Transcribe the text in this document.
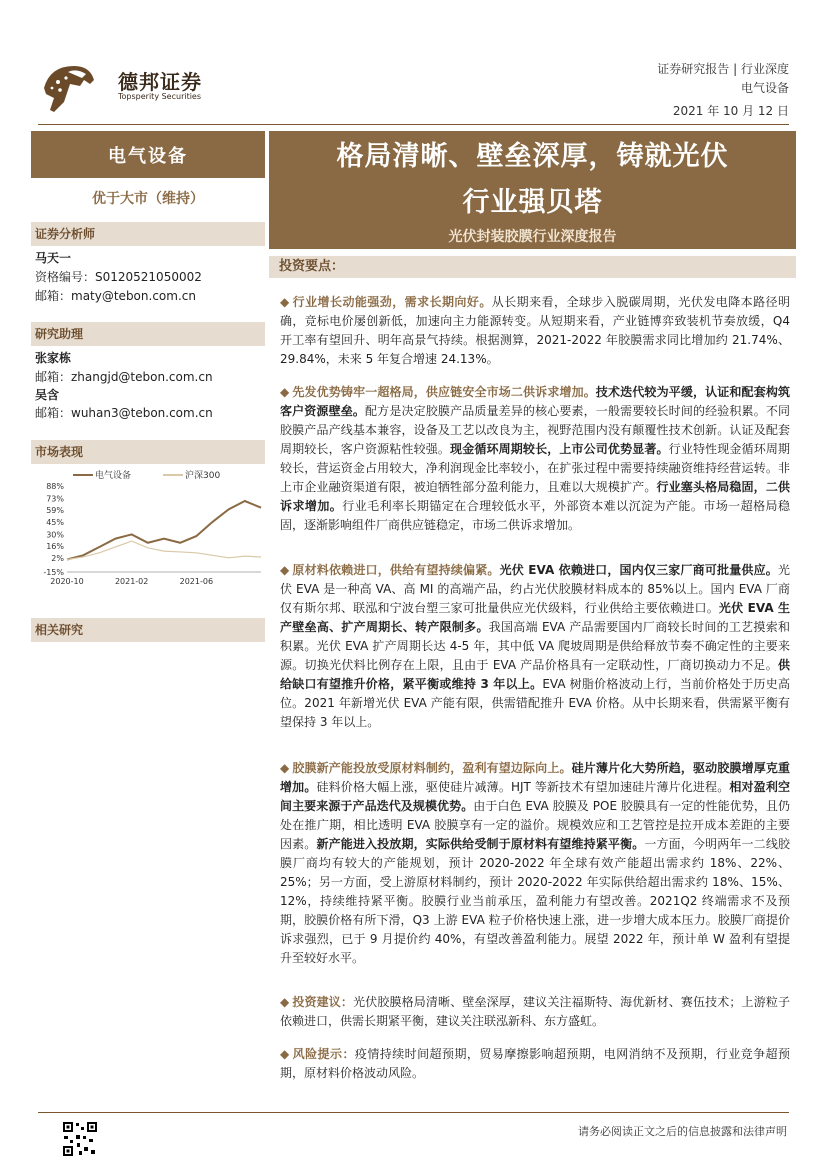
德邦证券
Topsperity Securities
证券研究报告 | 行业深度
电气设备
2021 年 10 月 12 日
电气设备
优于大市（维持）
证券分析师
马天一
资格编号：S0120521050002
邮箱：maty@tebon.com.cn
研究助理
张家栋
邮箱：zhangjd@tebon.com.cn
吴含
邮箱：wuhan3@tebon.com.cn
市场表现
电气设备	沪深300
88%
73%
59%
45%
30%
16%
2%
-15%
2020-10	2021-02	2021-06
相关研究
格局清晰、壁垒深厚，铸就光伏
行业强贝塔
光伏封装胶膜行业深度报告
投资要点：
◆ 行业增长动能强劲，需求长期向好。从长期来看，全球步入脱碳周期，光伏发电降本路径明确，竞标电价屡创新低，加速向主力能源转变。从短期来看，产业链博弈致装机节奏放缓，Q4 开工率有望回升、明年高景气持续。根据测算，2021-2022 年胶膜需求同比增加约 21.74%、29.84%，未来 5 年复合增速 24.13%。
◆ 先发优势铸牢一超格局，供应链安全市场二供诉求增加。技术迭代较为平缓，认证和配套构筑客户资源壁垒。配方是决定胶膜产品质量差异的核心要素，一般需要较长时间的经验积累。不同胶膜产品产线基本兼容，设备及工艺以改良为主，视野范围内没有颠覆性技术创新。认证及配套周期较长，客户资源粘性较强。现金循环周期较长，上市公司优势显著。行业特性现金循环周期较长，营运资金占用较大，净利润现金比率较小，在扩张过程中需要持续融资维持经营运转。非上市企业融资渠道有限，被迫牺牲部分盈利能力，且难以大规模扩产。行业塞头格局稳固，二供诉求增加。行业毛利率长期锚定在合理较低水平，外部资本难以沉淀为产能。市场一超格局稳固，逐渐影响组件厂商供应链稳定，市场二供诉求增加。
◆ 原材料依赖进口，供给有望持续偏紧。光伏 EVA 依赖进口，国内仅三家厂商可批量供应。光伏 EVA 是一种高 VA、高 MI 的高端产品，约占光伏胶膜材料成本的 85%以上。国内 EVA 厂商仅有斯尔邦、联泓和宁波台塑三家可批量供应光伏级料，行业供给主要依赖进口。光伏 EVA 生产壁垒高、扩产周期长、转产限制多。我国高端 EVA 产品需要国内厂商较长时间的工艺摸索和积累。光伏 EVA 扩产周期长达 4-5 年，其中低 VA 爬坡周期是供给释放节奏不确定性的主要来源。切换光伏料比例存在上限，且由于 EVA 产品价格具有一定联动性，厂商切换动力不足。供给缺口有望推升价格，紧平衡或维持 3 年以上。EVA 树脂价格波动上行，当前价格处于历史高位。2021 年新增光伏 EVA 产能有限，供需错配推升 EVA 价格。从中长期来看，供需紧平衡有望保持 3 年以上。
◆ 胶膜新产能投放受原材料制约，盈利有望边际向上。硅片薄片化大势所趋，驱动胶膜增厚克重增加。硅料价格大幅上涨，驱使硅片减薄。HJT 等新技术有望加速硅片薄片化进程。相对盈利空间主要来源于产品迭代及规模优势。由于白色 EVA 胶膜及 POE 胶膜具有一定的性能优势，且仍处在推广期，相比透明 EVA 胶膜享有一定的溢价。规模效应和工艺管控是拉开成本差距的主要因素。新产能进入投放期，实际供给受制于原材料有望维持紧平衡。一方面，今明两年一二线胶膜厂商均有较大的产能规划，预计 2020-2022 年全球有效产能超出需求约 18%、22%、25%；另一方面，受上游原材料制约，预计 2020-2022 年实际供给超出需求约 18%、15%、12%，持续维持紧平衡。胶膜行业当前承压，盈利能力有望改善。2021Q2 终端需求不及预期，胶膜价格有所下滑，Q3 上游 EVA 粒子价格快速上涨，进一步增大成本压力。胶膜厂商提价诉求强烈，已于 9 月提价约 40%，有望改善盈利能力。展望 2022 年，预计单 W 盈利有望提升至较好水平。
◆ 投资建议：光伏胶膜格局清晰、壁垒深厚，建议关注福斯特、海优新材、赛伍技术；上游粒子依赖进口，供需长期紧平衡，建议关注联泓新科、东方盛虹。
◆ 风险提示：疫情持续时间超预期，贸易摩擦影响超预期，电网消纳不及预期，行业竞争超预期，原材料价格波动风险。
请务必阅读正文之后的信息披露和法律声明
